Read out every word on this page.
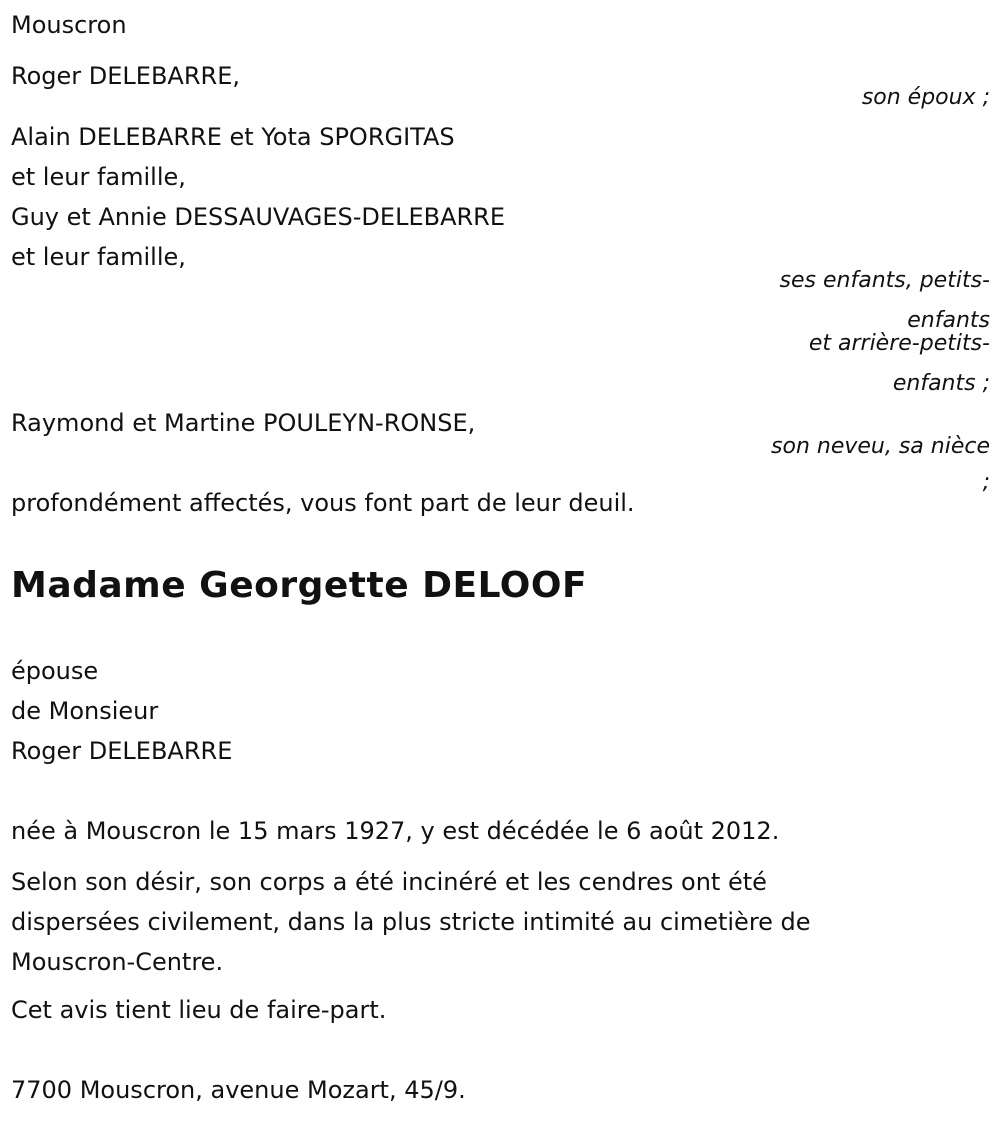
Mouscron
Roger DELEBARRE,
son époux ;
Alain DELEBARRE et Yota SPORGITAS
et leur famille,
Guy et Annie DESSAUVAGES-DELEBARRE
et leur famille,
ses enfants, petits-
enfants
et arrière-petits-
enfants ;
Raymond et Martine POULEYN-RONSE,
son neveu, sa nièce
;
profondément affectés, vous font part de leur deuil.
Madame Georgette DELOOF
épouse
de Monsieur
Roger DELEBARRE
née à Mouscron le 15 mars 1927, y est décédée le 6 août 2012.
Selon son désir, son corps a été incinéré et les cendres ont été
dispersées civilement, dans la plus stricte intimité au cimetière de
Mouscron-Centre.
Cet avis tient lieu de faire-part.
7700 Mouscron, avenue Mozart, 45/9.
